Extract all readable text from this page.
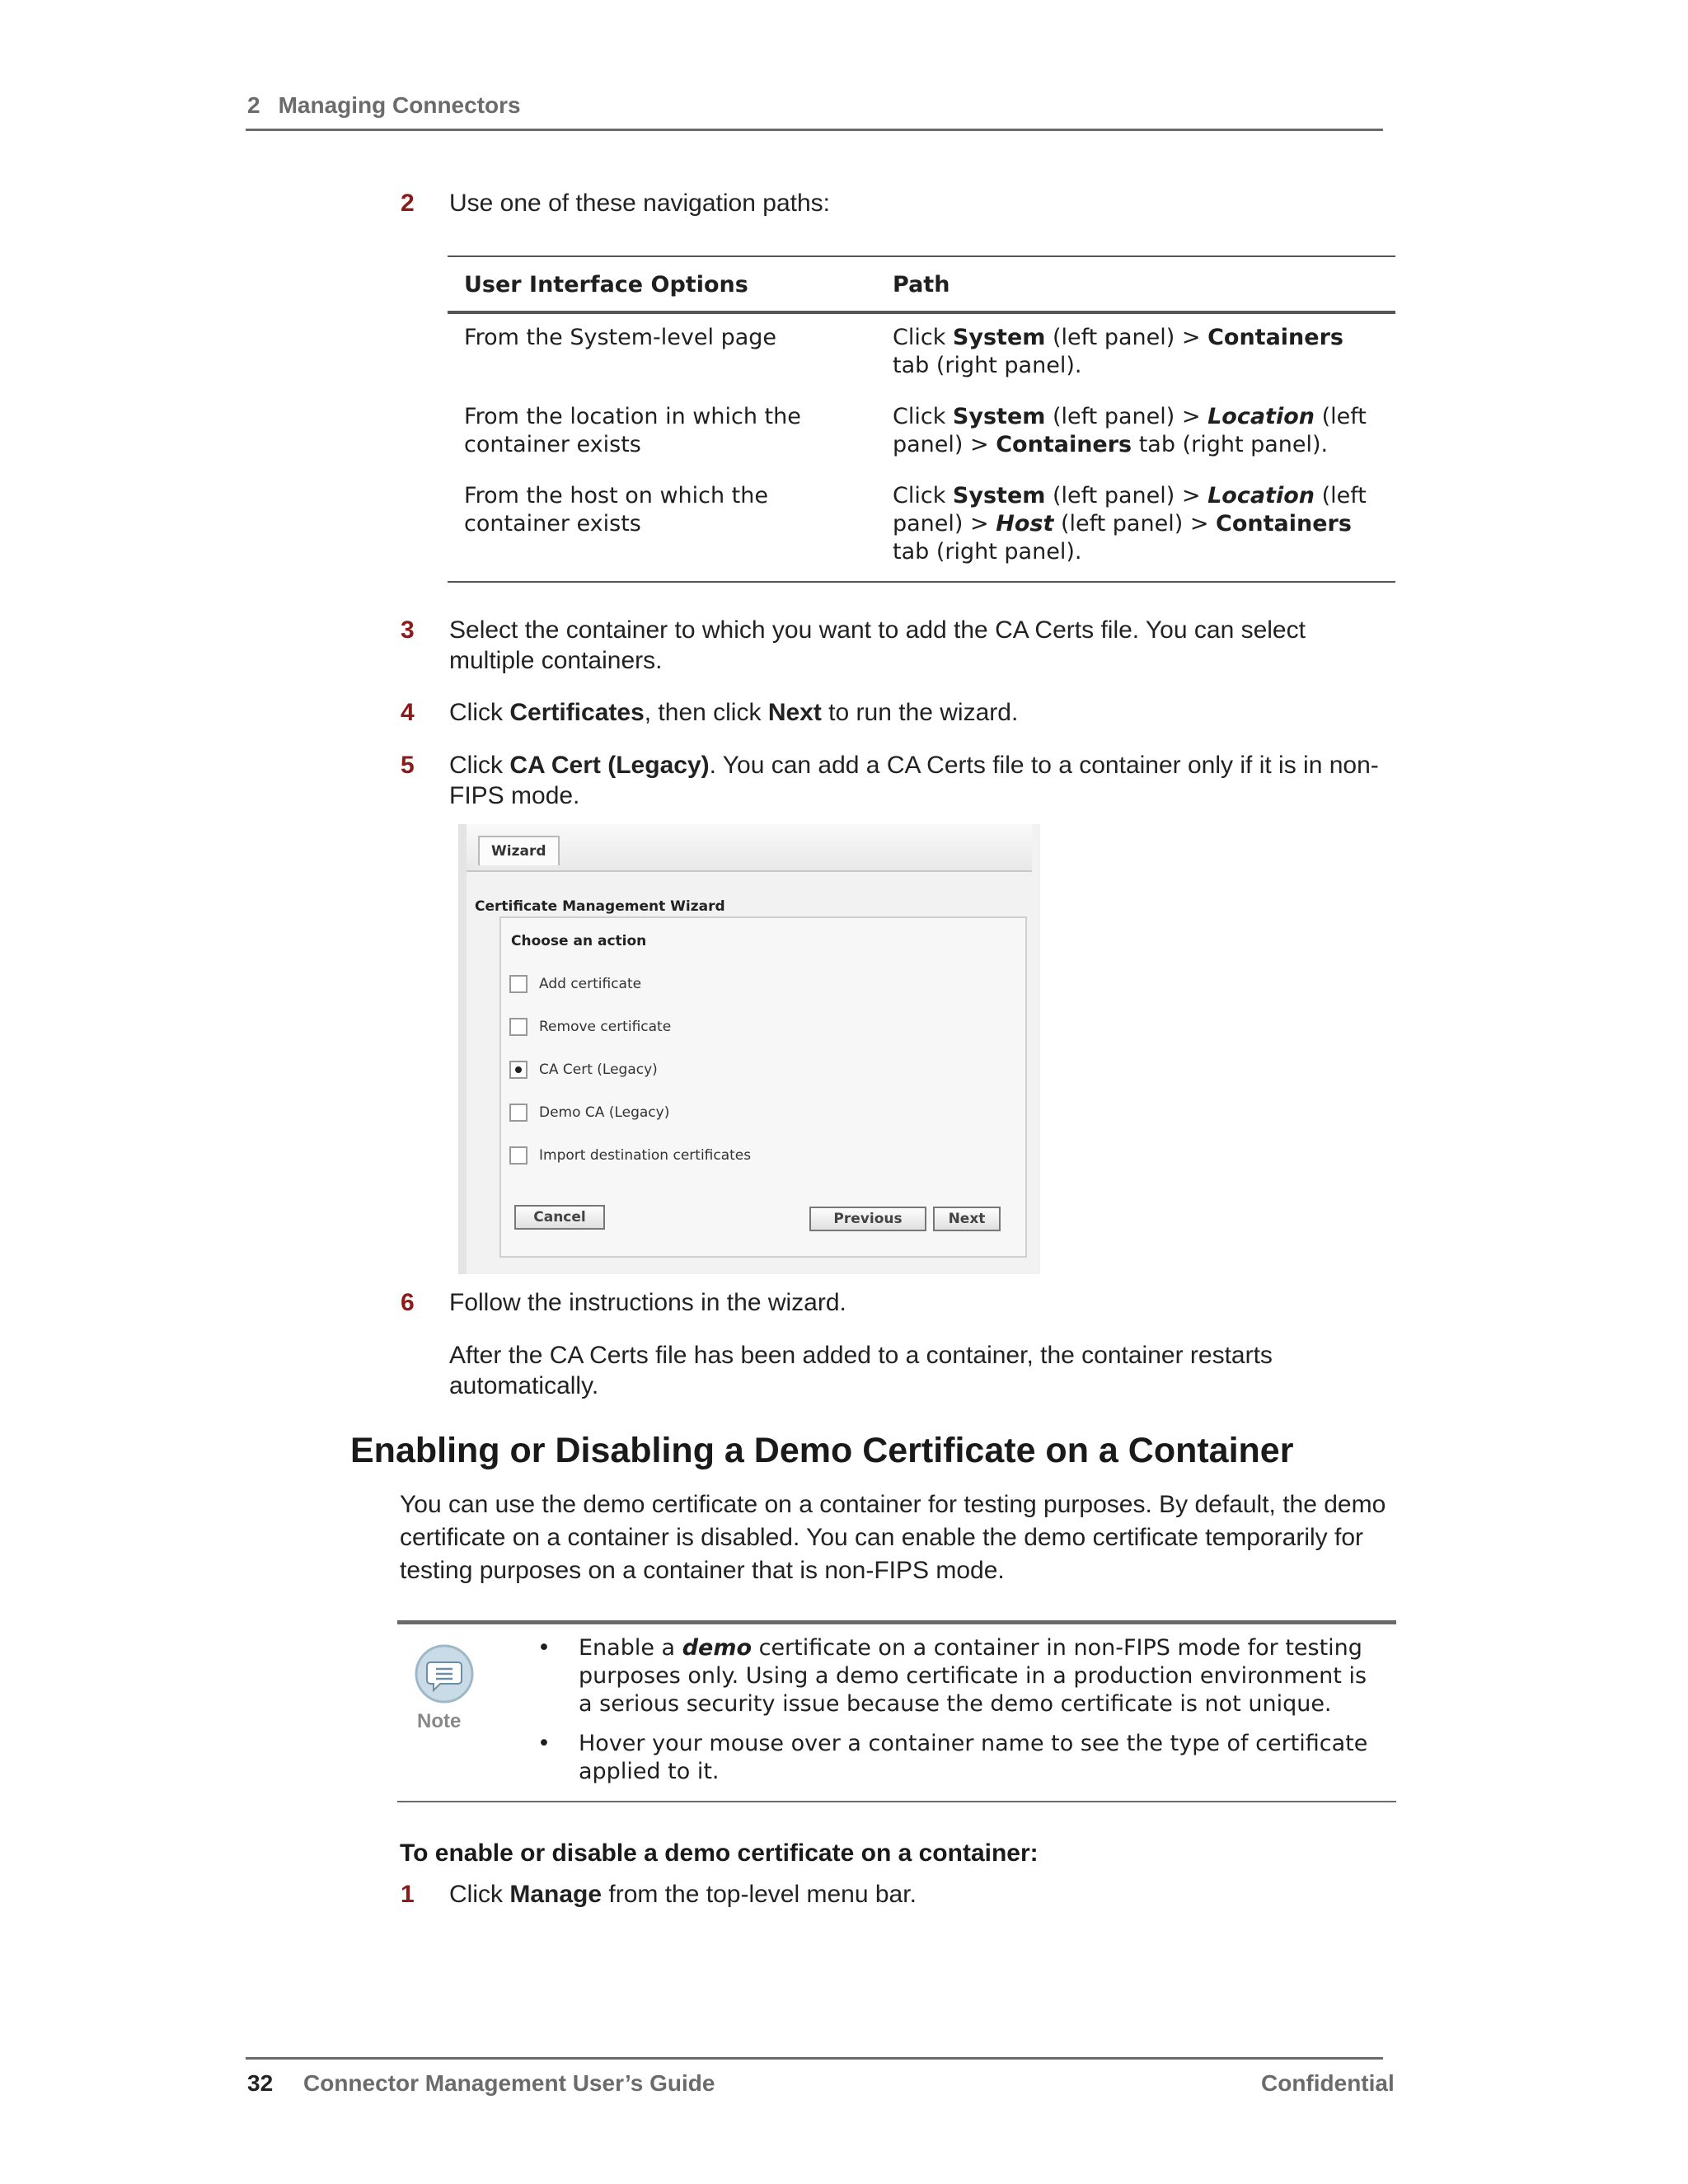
2 Managing Connectors
2 Use one of these navigation paths:
User Interface Options	Path
From the System-level page	Click System (left panel) > Containers tab (right panel).
From the location in which the container exists	Click System (left panel) > Location (left panel) > Containers tab (right panel).
From the host on which the container exists	Click System (left panel) > Location (left panel) > Host (left panel) > Containers tab (right panel).
3 Select the container to which you want to add the CA Certs file. You can select multiple containers.
4 Click Certificates, then click Next to run the wizard.
5 Click CA Cert (Legacy). You can add a CA Certs file to a container only if it is in non-FIPS mode.
Wizard
Certificate Management Wizard
Choose an action
Add certificate
Remove certificate
CA Cert (Legacy)
Demo CA (Legacy)
Import destination certificates
Cancel	Previous	Next
6 Follow the instructions in the wizard.
After the CA Certs file has been added to a container, the container restarts automatically.
Enabling or Disabling a Demo Certificate on a Container
You can use the demo certificate on a container for testing purposes. By default, the demo certificate on a container is disabled. You can enable the demo certificate temporarily for testing purposes on a container that is non-FIPS mode.
Note
• Enable a demo certificate on a container in non-FIPS mode for testing purposes only. Using a demo certificate in a production environment is a serious security issue because the demo certificate is not unique.
• Hover your mouse over a container name to see the type of certificate applied to it.
To enable or disable a demo certificate on a container:
1 Click Manage from the top-level menu bar.
32 Connector Management User’s Guide	Confidential
